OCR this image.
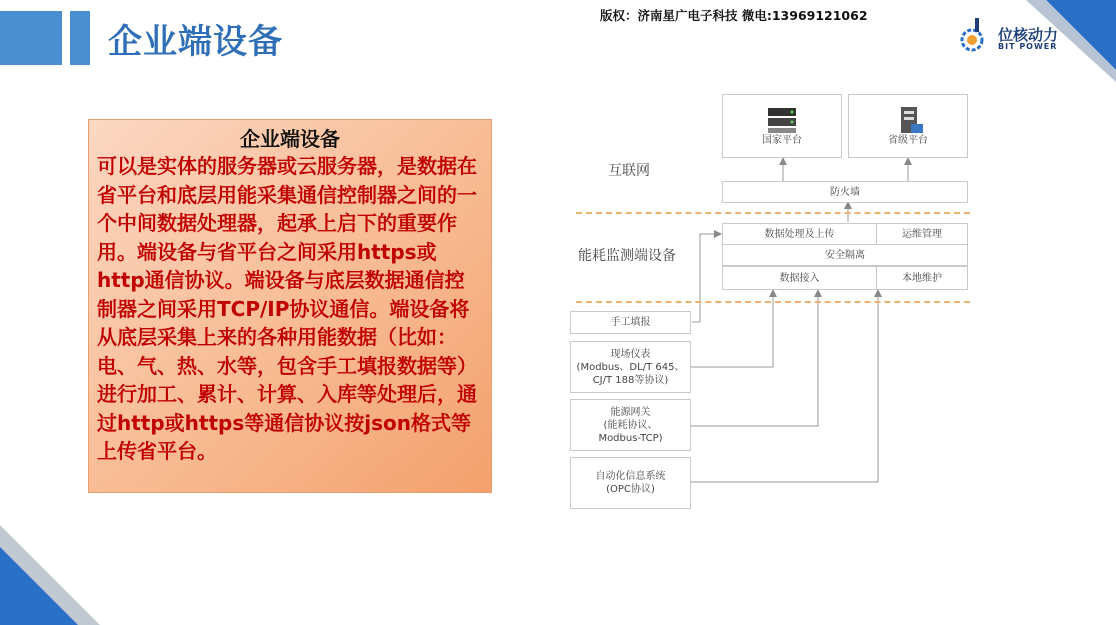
企业端设备
版权：济南星广电子科技 微电:13969121062
位核动力
BIT POWER
企业端设备
可以是实体的服务器或云服务器，是数据在省平台和底层用能采集通信控制器之间的一个中间数据处理器，起承上启下的重要作用。端设备与省平台之间采用https或http通信协议。端设备与底层数据通信控制器之间采用TCP/IP协议通信。端设备将从底层采集上来的各种用能数据（比如：电、气、热、水等，包含手工填报数据等）进行加工、累计、计算、入库等处理后，通过http或https等通信协议按json格式等上传省平台。
互联网
能耗监测端设备
国家平台	省级平台
防火墙
数据处理及上传	运维管理
安全隔离
数据接入	本地维护
手工填报
现场仪表
(Modbus、DL/T 645、
CJ/T 188等协议)
能源网关
(能耗协议、
Modbus-TCP)
自动化信息系统
(OPC协议)
